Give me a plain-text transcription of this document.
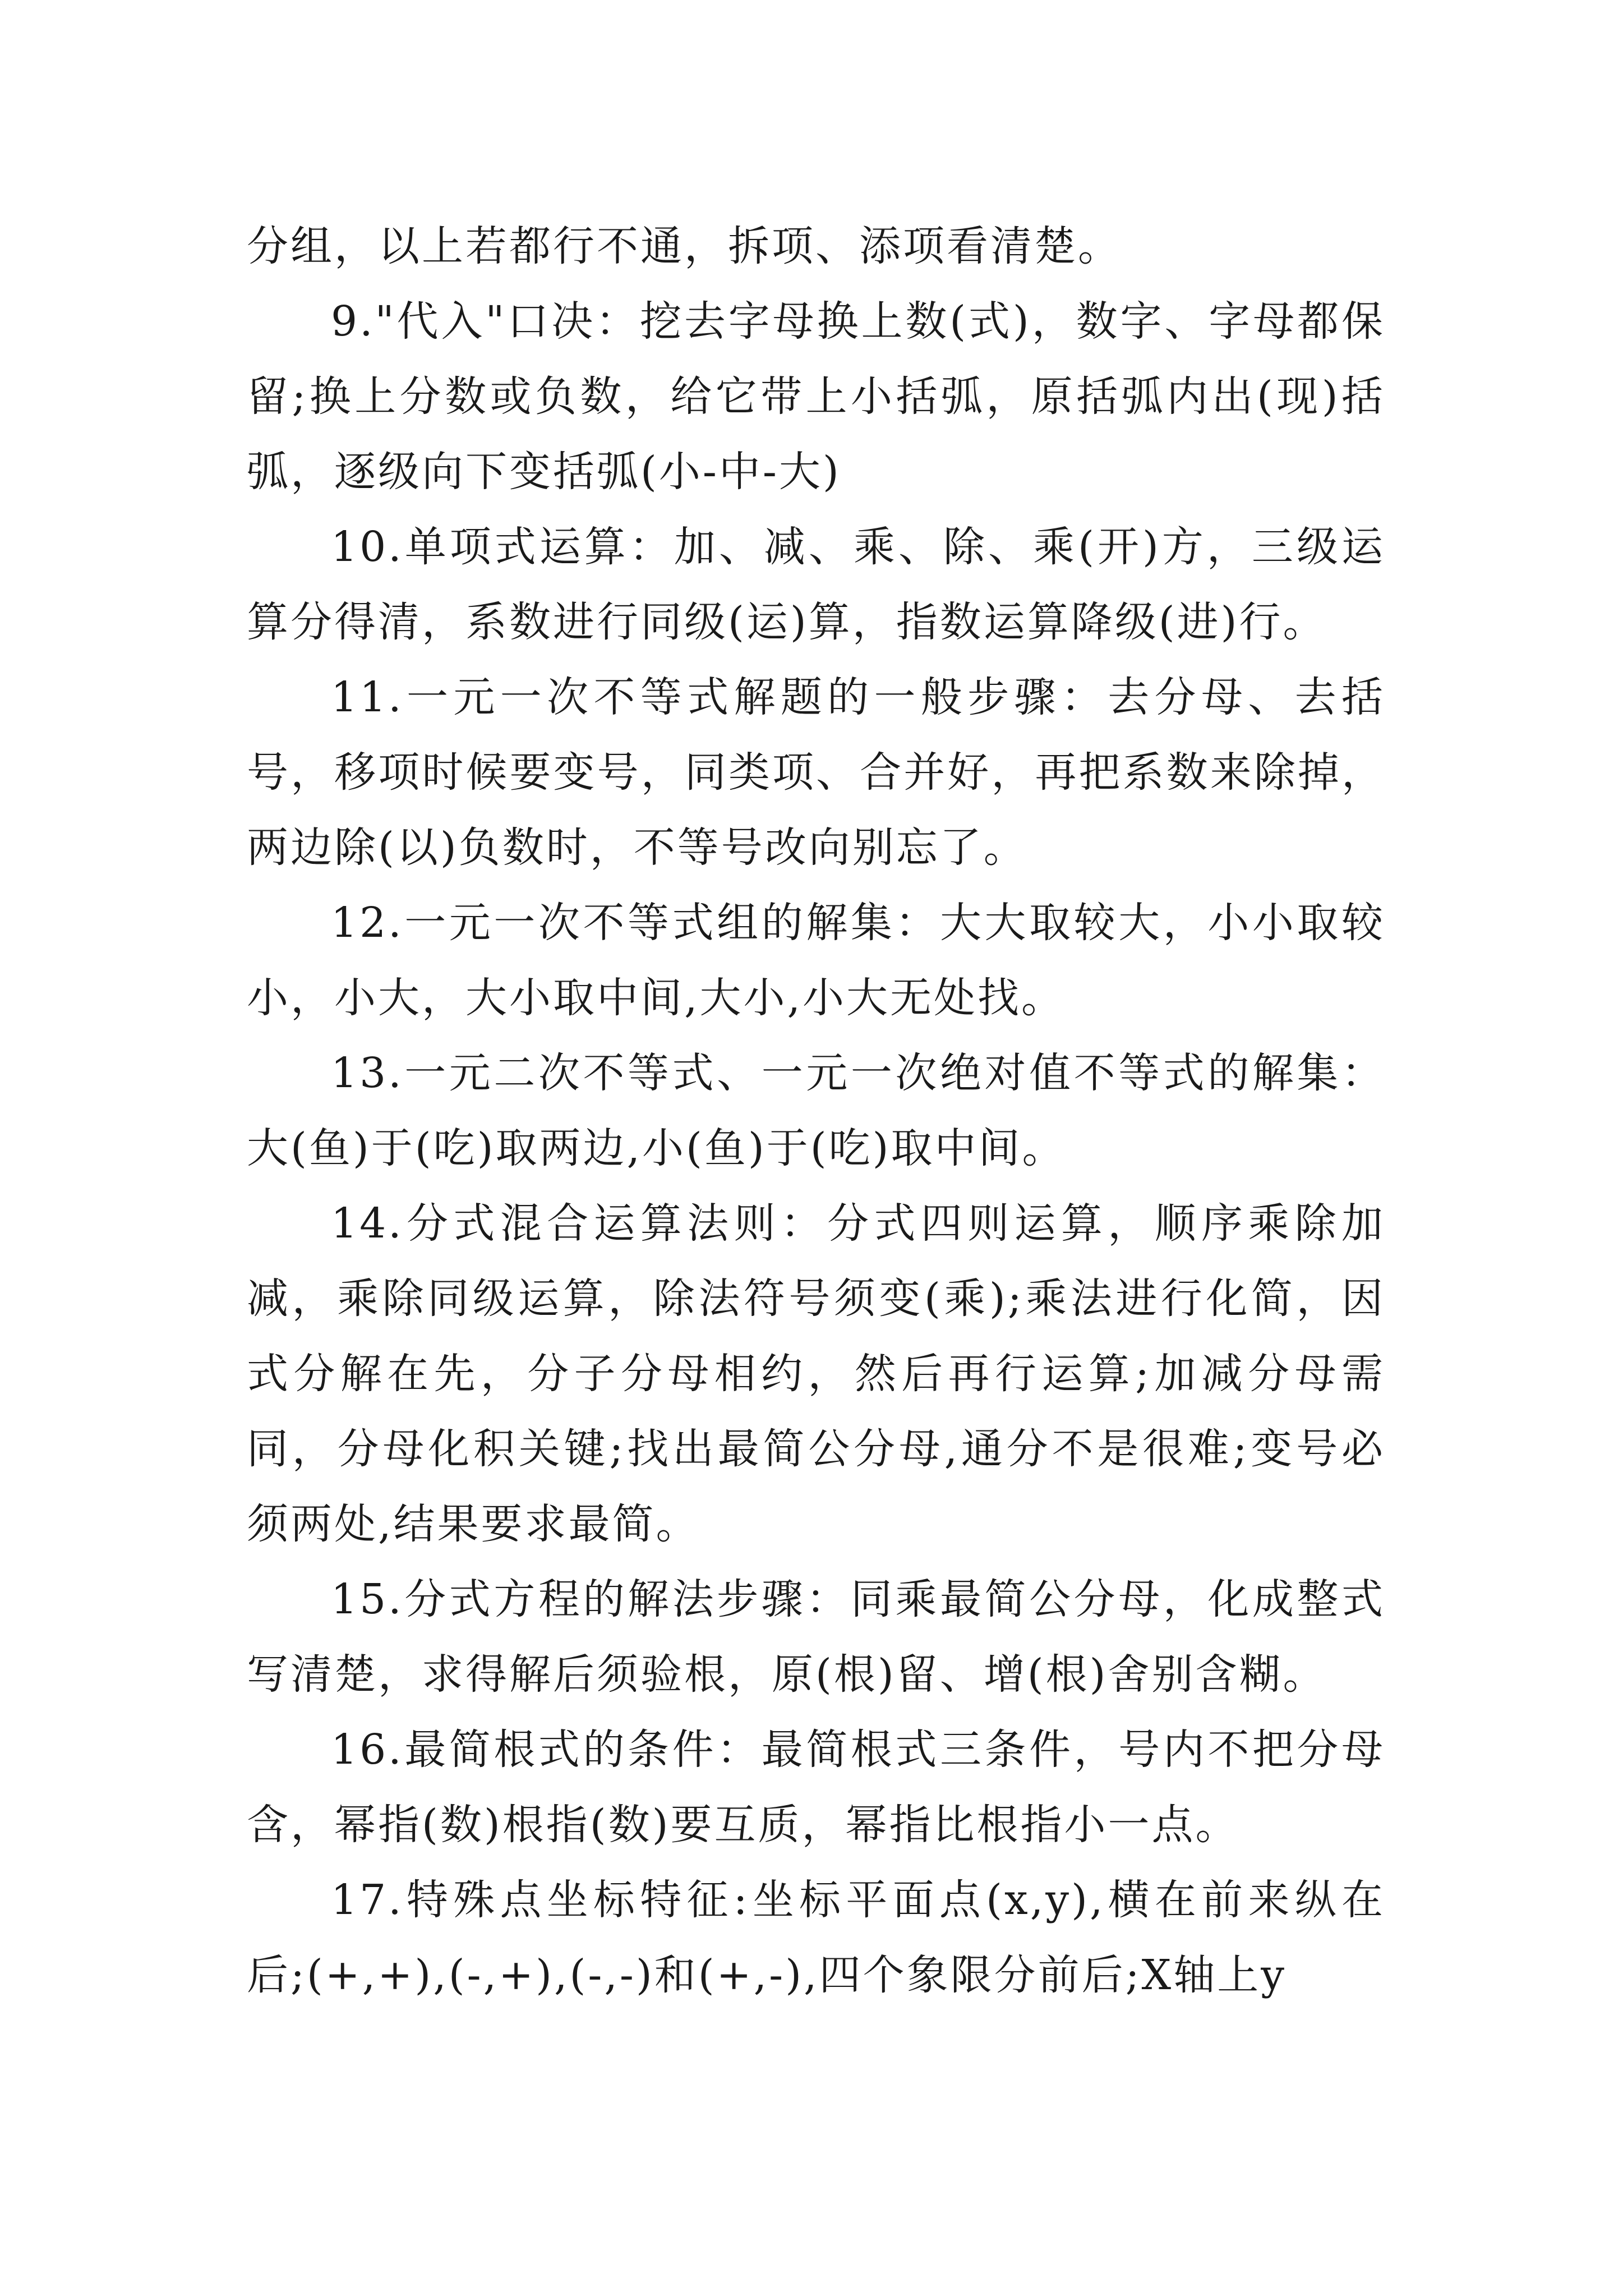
分组，以上若都行不通，拆项、添项看清楚。

9."代入"口决：挖去字母换上数(式)，数字、字母都保留;换上分数或负数，给它带上小括弧，原括弧内出(现)括弧，逐级向下变括弧(小-中-大)

10.单项式运算：加、减、乘、除、乘(开)方，三级运算分得清，系数进行同级(运)算，指数运算降级(进)行。

11.一元一次不等式解题的一般步骤：去分母、去括号，移项时候要变号，同类项、合并好，再把系数来除掉，两边除(以)负数时，不等号改向别忘了。

12.一元一次不等式组的解集：大大取较大，小小取较小，小大，大小取中间,大小,小大无处找。

13.一元二次不等式、一元一次绝对值不等式的解集：大(鱼)于(吃)取两边,小(鱼)于(吃)取中间。

14.分式混合运算法则：分式四则运算，顺序乘除加减，乘除同级运算，除法符号须变(乘);乘法进行化简，因式分解在先，分子分母相约，然后再行运算;加减分母需同，分母化积关键;找出最简公分母,通分不是很难;变号必须两处,结果要求最简。

15.分式方程的解法步骤：同乘最简公分母，化成整式写清楚，求得解后须验根，原(根)留、增(根)舍别含糊。

16.最简根式的条件：最简根式三条件，号内不把分母含，幂指(数)根指(数)要互质，幂指比根指小一点。

17.特殊点坐标特征:坐标平面点(x,y),横在前来纵在后;(+,+),(-,+),(-,-)和(+,-),四个象限分前后;X轴上y
